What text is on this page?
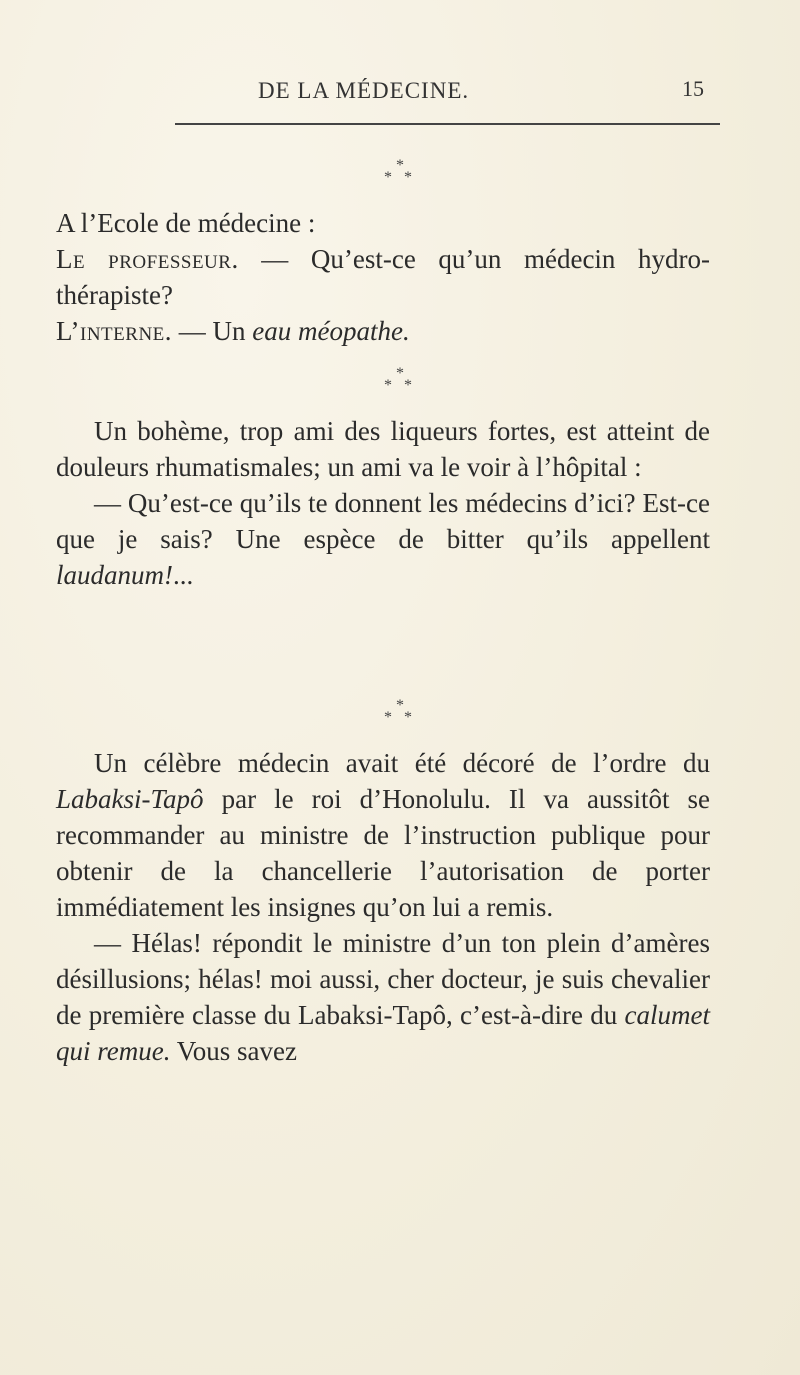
DE LA MÉDECINE.	15
*
* *

A l’Ecole de médecine :

Le professeur. — Qu’est-ce qu’un médecin hydro-thérapiste?

L’interne. — Un eau méopathe.

*
* *

Un bohème, trop ami des liqueurs fortes, est atteint de douleurs rhumatismales; un ami va le voir à l’hôpital :

— Qu’est-ce qu’ils te donnent les médecins d’ici? Est-ce que je sais? Une espèce de bitter qu’ils appellent laudanum!...

*
* *

Un célèbre médecin avait été décoré de l’ordre du Labaksi-Tapô par le roi d’Honolulu. Il va aussitôt se recommander au ministre de l’instruction publique pour obtenir de la chancellerie l’autorisation de porter immédiatement les insignes qu’on lui a remis.

— Hélas! répondit le ministre d’un ton plein d’amères désillusions; hélas! moi aussi, cher docteur, je suis chevalier de première classe du Labaksi-Tapô, c’est-à-dire du calumet qui remue. Vous savez
